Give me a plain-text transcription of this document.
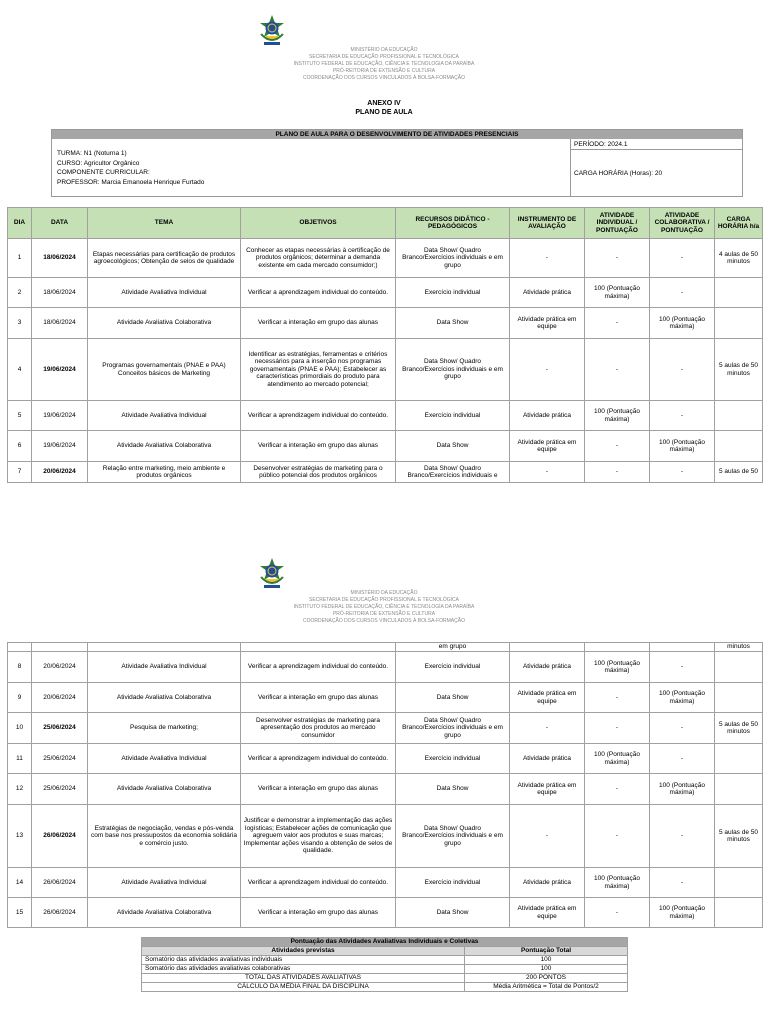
MINISTÉRIO DA EDUCAÇÃO
SECRETARIA DE EDUCAÇÃO PROFISSIONAL E TECNOLÓGICA
INSTITUTO FEDERAL DE EDUCAÇÃO, CIÊNCIA E TECNOLOGIA DA PARAÍBA
PRÓ-REITORIA DE EXTENSÃO E CULTURA
COORDENAÇÃO DOS CURSOS VINCULADOS À BOLSA-FORMAÇÃO
ANEXO IV
PLANO DE AULA
PLANO DE AULA PARA O DESENVOLVIMENTO DE ATIVIDADES PRESENCIAIS
TURMA: N1 (Noturna 1)
CURSO: Agricultor Orgânico
COMPONENTE CURRICULAR:
PROFESSOR: Marcia Emanoela Henrique Furtado
PERÍODO: 2024.1
CARGA HORÁRIA (Horas): 20
DIA	DATA	TEMA	OBJETIVOS	RECURSOS DIDÁTICO - PEDAGÓGICOS	INSTRUMENTO DE AVALIAÇÃO	ATIVIDADE INDIVIDUAL / PONTUAÇÃO	ATIVIDADE COLABORATIVA / PONTUAÇÃO	CARGA HORÁRIA h/a
1	18/06/2024	Etapas necessárias para certificação de produtos agroecológicos; Obtenção de selos de qualidade	Conhecer as etapas necessárias à certificação de produtos orgânicos; determinar a demanda existente em cada mercado consumidor;)	Data Show/ Quadro Branco/Exercícios individuais e em grupo	-	-	-	4 aulas de 50 minutos
2	18/06/2024	Atividade Avaliativa Individual	Verificar a aprendizagem individual do conteúdo.	Exercício individual	Atividade prática	100 (Pontuação máxima)	-	
3	18/06/2024	Atividade Avaliativa Colaborativa	Verificar a interação em grupo das alunas	Data Show	Atividade prática em equipe	-	100 (Pontuação máxima)	
4	19/06/2024	Programas governamentais (PNAE e PAA) Conceitos básicos de Marketing	Identificar as estratégias, ferramentas e critérios necessários para a inserção nos programas governamentais (PNAE e PAA); Estabelecer as características primordiais do produto para atendimento ao mercado potencial;	Data Show/ Quadro Branco/Exercícios individuais e em grupo	-	-	-	5 aulas de 50 minutos
5	19/06/2024	Atividade Avaliativa Individual	Verificar a aprendizagem individual do conteúdo.	Exercício individual	Atividade prática	100 (Pontuação máxima)	-	
6	19/06/2024	Atividade Avaliativa Colaborativa	Verificar a interação em grupo das alunas	Data Show	Atividade prática em equipe	-	100 (Pontuação máxima)	
7	20/06/2024	Relação entre marketing, meio ambiente e produtos orgânicos	Desenvolver estratégias de marketing para o público potencial dos produtos orgânicos	Data Show/ Quadro Branco/Exercícios individuais e	-	-	-	5 aulas de 50
MINISTÉRIO DA EDUCAÇÃO
SECRETARIA DE EDUCAÇÃO PROFISSIONAL E TECNOLÓGICA
INSTITUTO FEDERAL DE EDUCAÇÃO, CIÊNCIA E TECNOLOGIA DA PARAÍBA
PRÓ-REITORIA DE EXTENSÃO E CULTURA
COORDENAÇÃO DOS CURSOS VINCULADOS À BOLSA-FORMAÇÃO
				em grupo				minutos
8	20/06/2024	Atividade Avaliativa Individual	Verificar a aprendizagem individual do conteúdo.	Exercício individual	Atividade prática	100 (Pontuação máxima)	-	
9	20/06/2024	Atividade Avaliativa Colaborativa	Verificar a interação em grupo das alunas	Data Show	Atividade prática em equipe	-	100 (Pontuação máxima)	
10	25/06/2024	Pesquisa de marketing;	Desenvolver estratégias de marketing para apresentação dos produtos ao mercado consumidor	Data Show/ Quadro Branco/Exercícios individuais e em grupo	-	-	-	5 aulas de 50 minutos
11	25/06/2024	Atividade Avaliativa Individual	Verificar a aprendizagem individual do conteúdo.	Exercício individual	Atividade prática	100 (Pontuação máxima)	-	
12	25/06/2024	Atividade Avaliativa Colaborativa	Verificar a interação em grupo das alunas	Data Show	Atividade prática em equipe	-	100 (Pontuação máxima)	
13	26/06/2024	Estratégias de negociação, vendas e pós-venda com base nos pressupostos da economia solidária e comércio justo.	Justificar e demonstrar a implementação das ações logísticas; Estabelecer ações de comunicação que agreguem valor aos produtos e suas marcas; Implementar ações visando a obtenção de selos de qualidade.	Data Show/ Quadro Branco/Exercícios individuais e em grupo	-	-	-	5 aulas de 50 minutos
14	26/06/2024	Atividade Avaliativa Individual	Verificar a aprendizagem individual do conteúdo.	Exercício individual	Atividade prática	100 (Pontuação máxima)	-	
15	26/06/2024	Atividade Avaliativa Colaborativa	Verificar a interação em grupo das alunas	Data Show	Atividade prática em equipe	-	100 (Pontuação máxima)	
Pontuação das Atividades Avaliativas Individuais e Coletivas	
Atividades previstas	Pontuação Total
Somatório das atividades avaliativas individuais	100
Somatório das atividades avaliativas colaborativas	100
TOTAL DAS ATIVIDADES AVALIATIVAS	200 PONTOS
CÁLCULO DA MÉDIA FINAL DA DISCIPLINA	Média Aritmética = Total de Pontos/2
